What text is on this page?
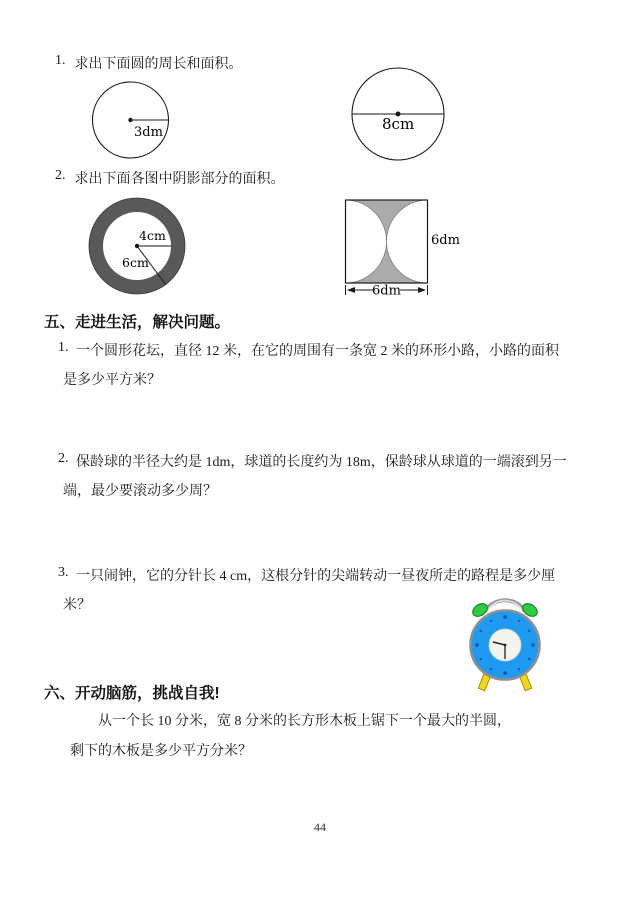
1. 求出下面圆的周长和面积。
3dm	8cm
2. 求出下面各图中阴影部分的面积。
4cm
6cm
6dm
6dm
五、走进生活，解决问题。
1. 一个圆形花坛，直径 12 米，在它的周围有一条宽 2 米的环形小路，小路的面积
是多少平方米？
2. 保龄球的半径大约是 1dm，球道的长度约为 18m，保龄球从球道的一端滚到另一
端，最少要滚动多少周？
3. 一只闹钟，它的分针长 4 cm，这根分针的尖端转动一昼夜所走的路程是多少厘
米？
六、开动脑筋，挑战自我!
从一个长 10 分米，宽 8 分米的长方形木板上锯下一个最大的半圆，
剩下的木板是多少平方分米？
44
